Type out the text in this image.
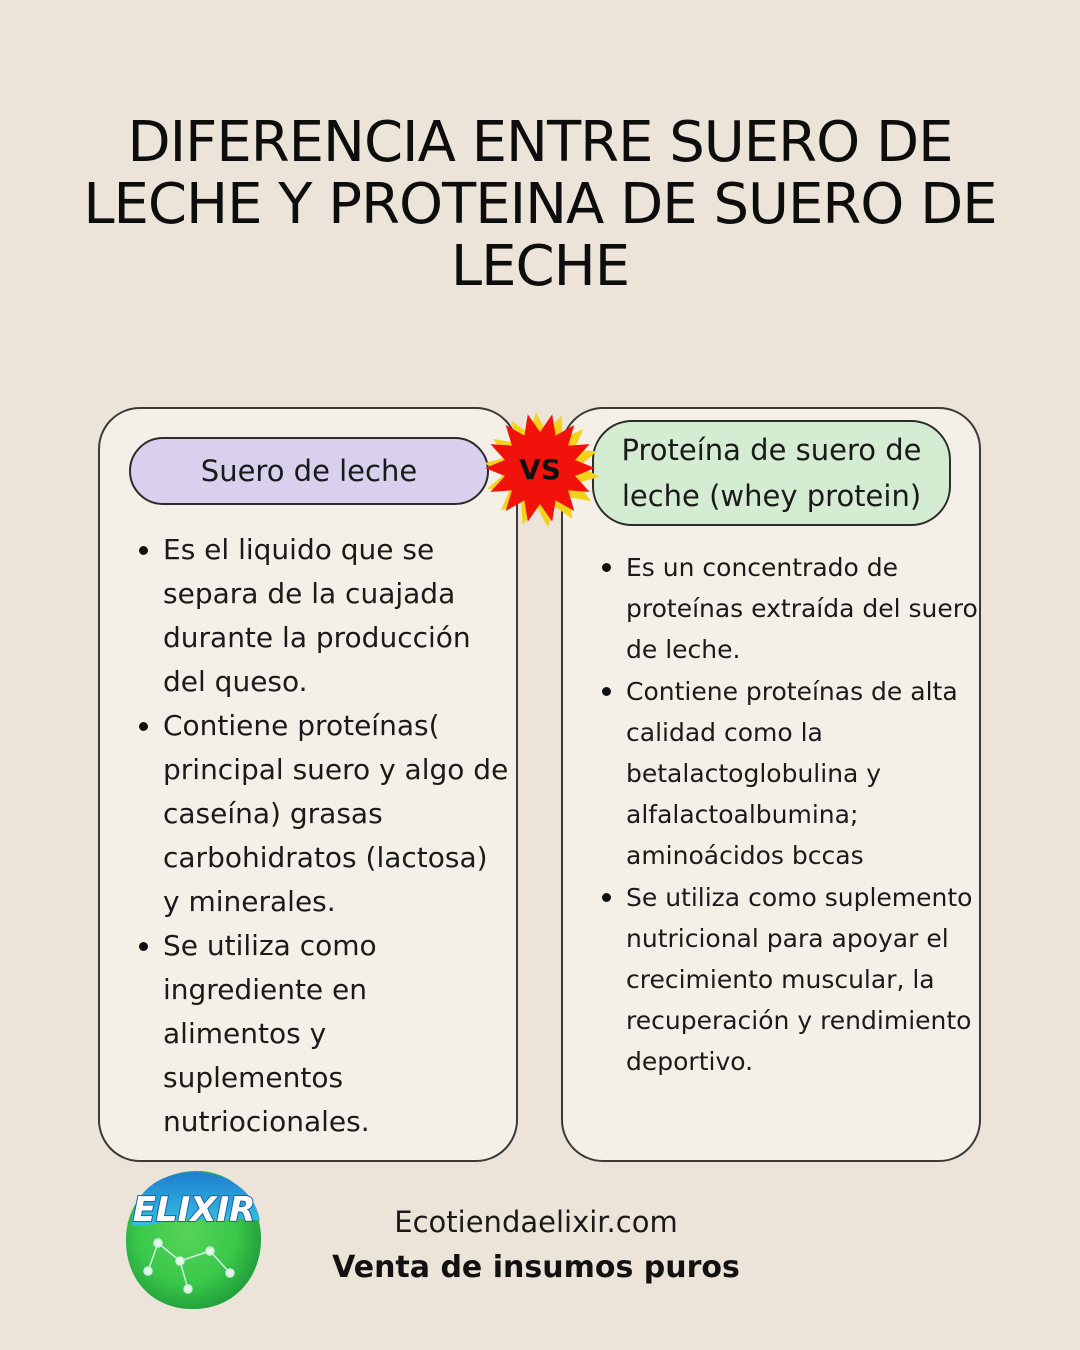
DIFERENCIA ENTRE SUERO DE LECHE Y PROTEINA DE SUERO DE LECHE
Suero de leche
Proteína de suero de leche (whey protein)
Es el liquido que se separa de la cuajada durante la producción del queso.
Contiene proteínas( principal suero y algo de caseína) grasas carbohidratos (lactosa) y minerales.
Se utiliza como ingrediente en alimentos y suplementos nutriocionales.
Es un concentrado de proteínas extraída del suero de leche.
Contiene proteínas de alta calidad como la betalactoglobulina y alfalactoalbumina; aminoácidos bccas
Se utiliza como suplemento nutricional para apoyar el crecimiento muscular, la recuperación y rendimiento deportivo.
VS
ELIXIR	Ecotiendaelixir.com
Venta de insumos puros
